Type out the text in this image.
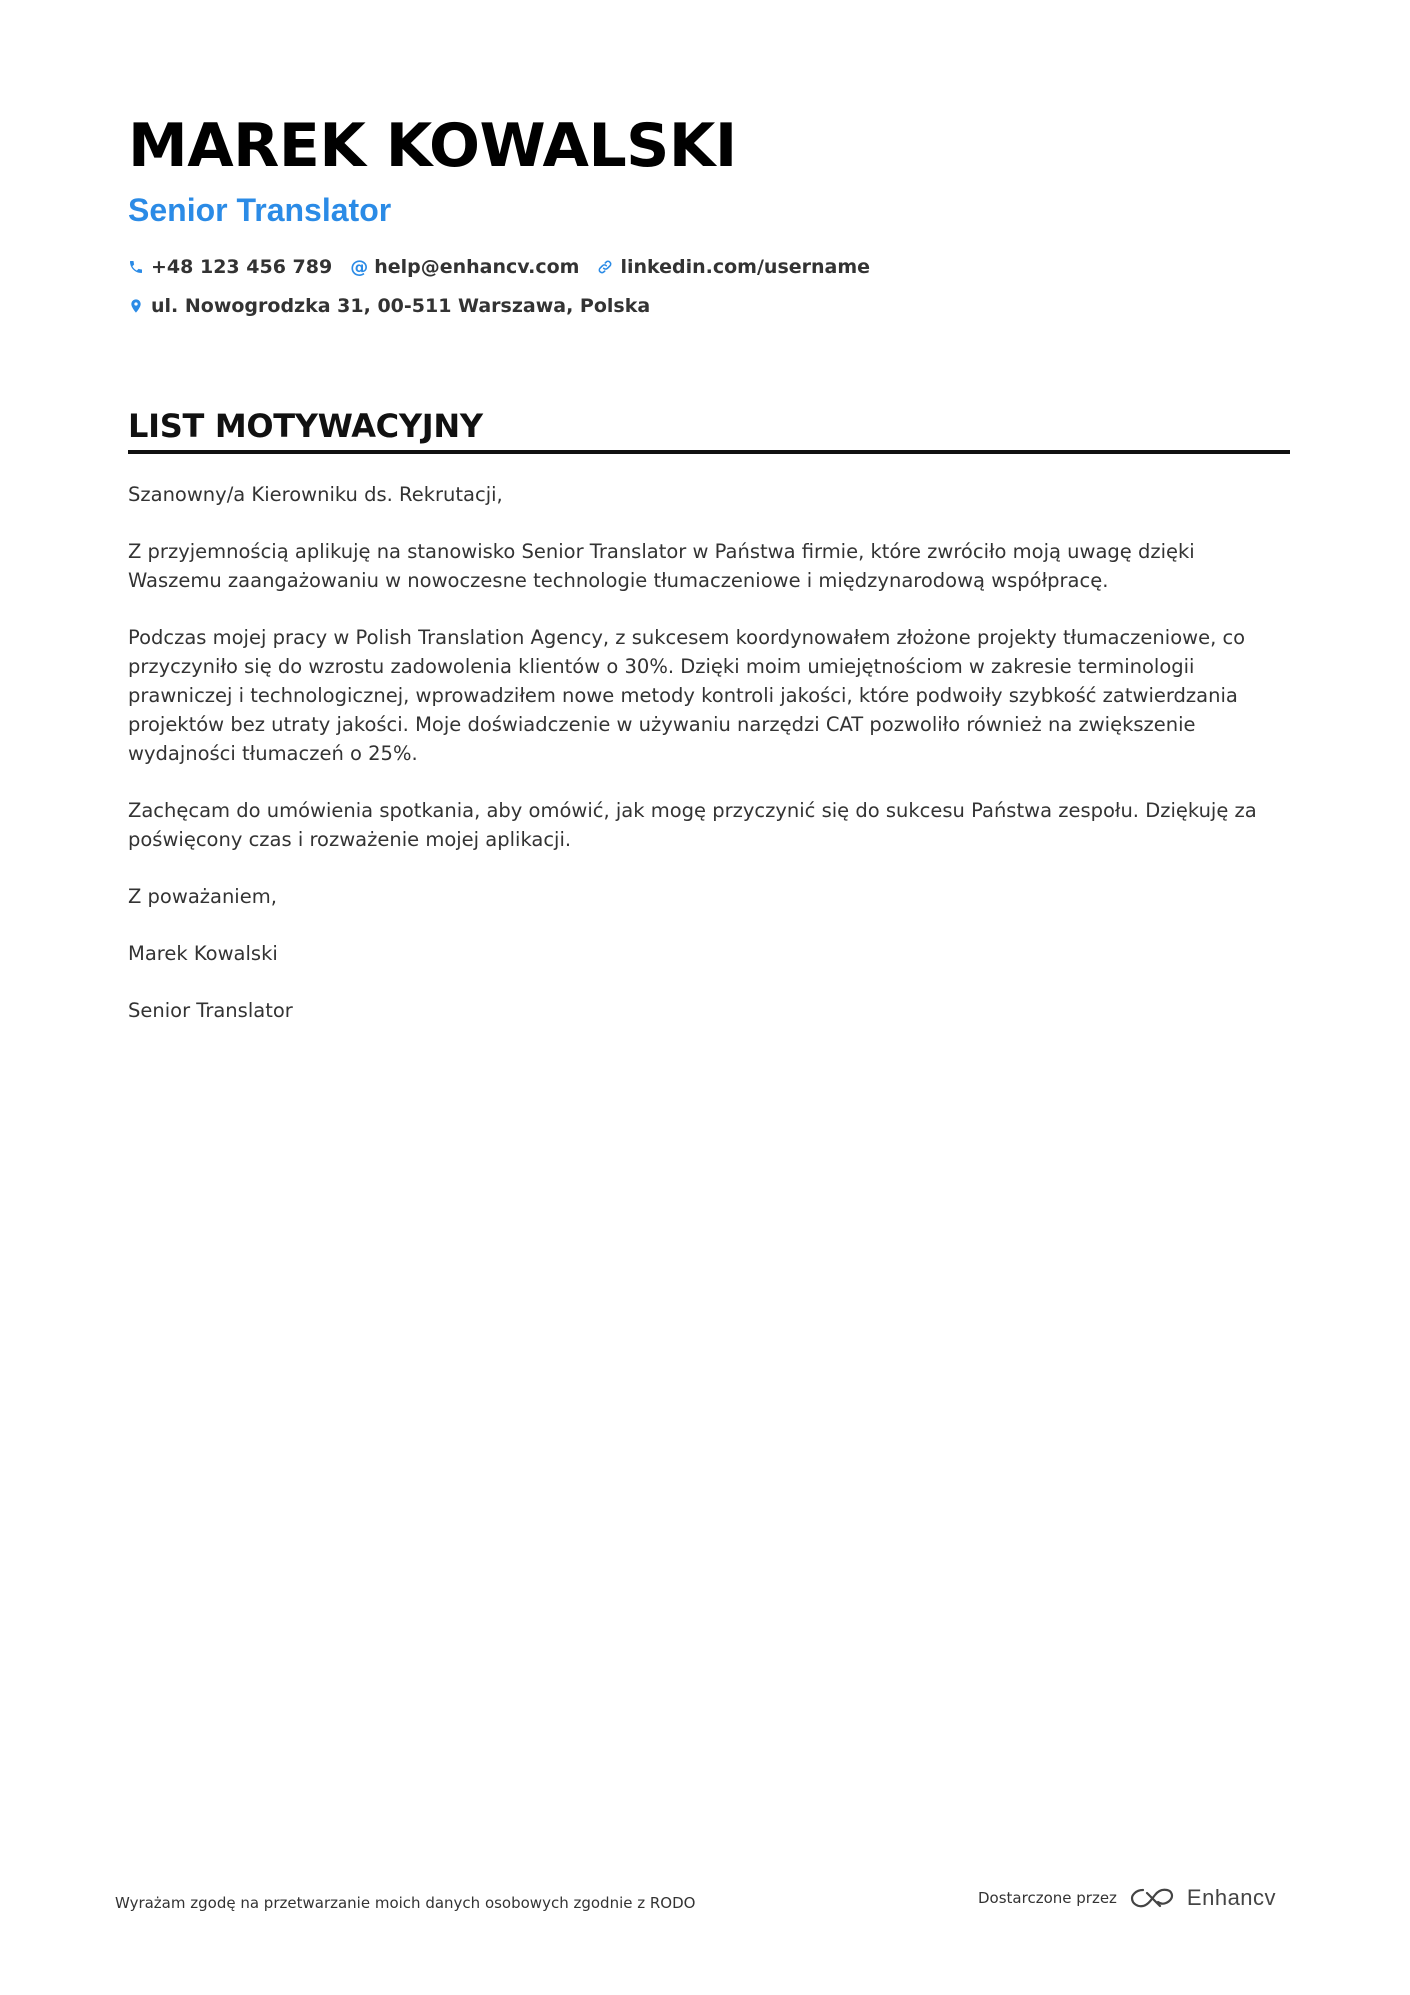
MAREK KOWALSKI
Senior Translator
+48 123 456 789 @ help@enhancv.com linkedin.com/username
ul. Nowogrodzka 31, 00-511 Warszawa, Polska
LIST MOTYWACYJNY

Szanowny/a Kierowniku ds. Rekrutacji,

Z przyjemnością aplikuję na stanowisko Senior Translator w Państwa firmie, które zwróciło moją uwagę dzięki Waszemu zaangażowaniu w nowoczesne technologie tłumaczeniowe i międzynarodową współpracę.

Podczas mojej pracy w Polish Translation Agency, z sukcesem koordynowałem złożone projekty tłumaczeniowe, co przyczyniło się do wzrostu zadowolenia klientów o 30%. Dzięki moim umiejętnościom w zakresie terminologii prawniczej i technologicznej, wprowadziłem nowe metody kontroli jakości, które podwoiły szybkość zatwierdzania projektów bez utraty jakości. Moje doświadczenie w używaniu narzędzi CAT pozwoliło również na zwiększenie wydajności tłumaczeń o 25%.

Zachęcam do umówienia spotkania, aby omówić, jak mogę przyczynić się do sukcesu Państwa zespołu. Dziękuję za poświęcony czas i rozważenie mojej aplikacji.

Z poważaniem,

Marek Kowalski

Senior Translator

Wyrażam zgodę na przetwarzanie moich danych osobowych zgodnie z RODO	Dostarczone przez	Enhancv
